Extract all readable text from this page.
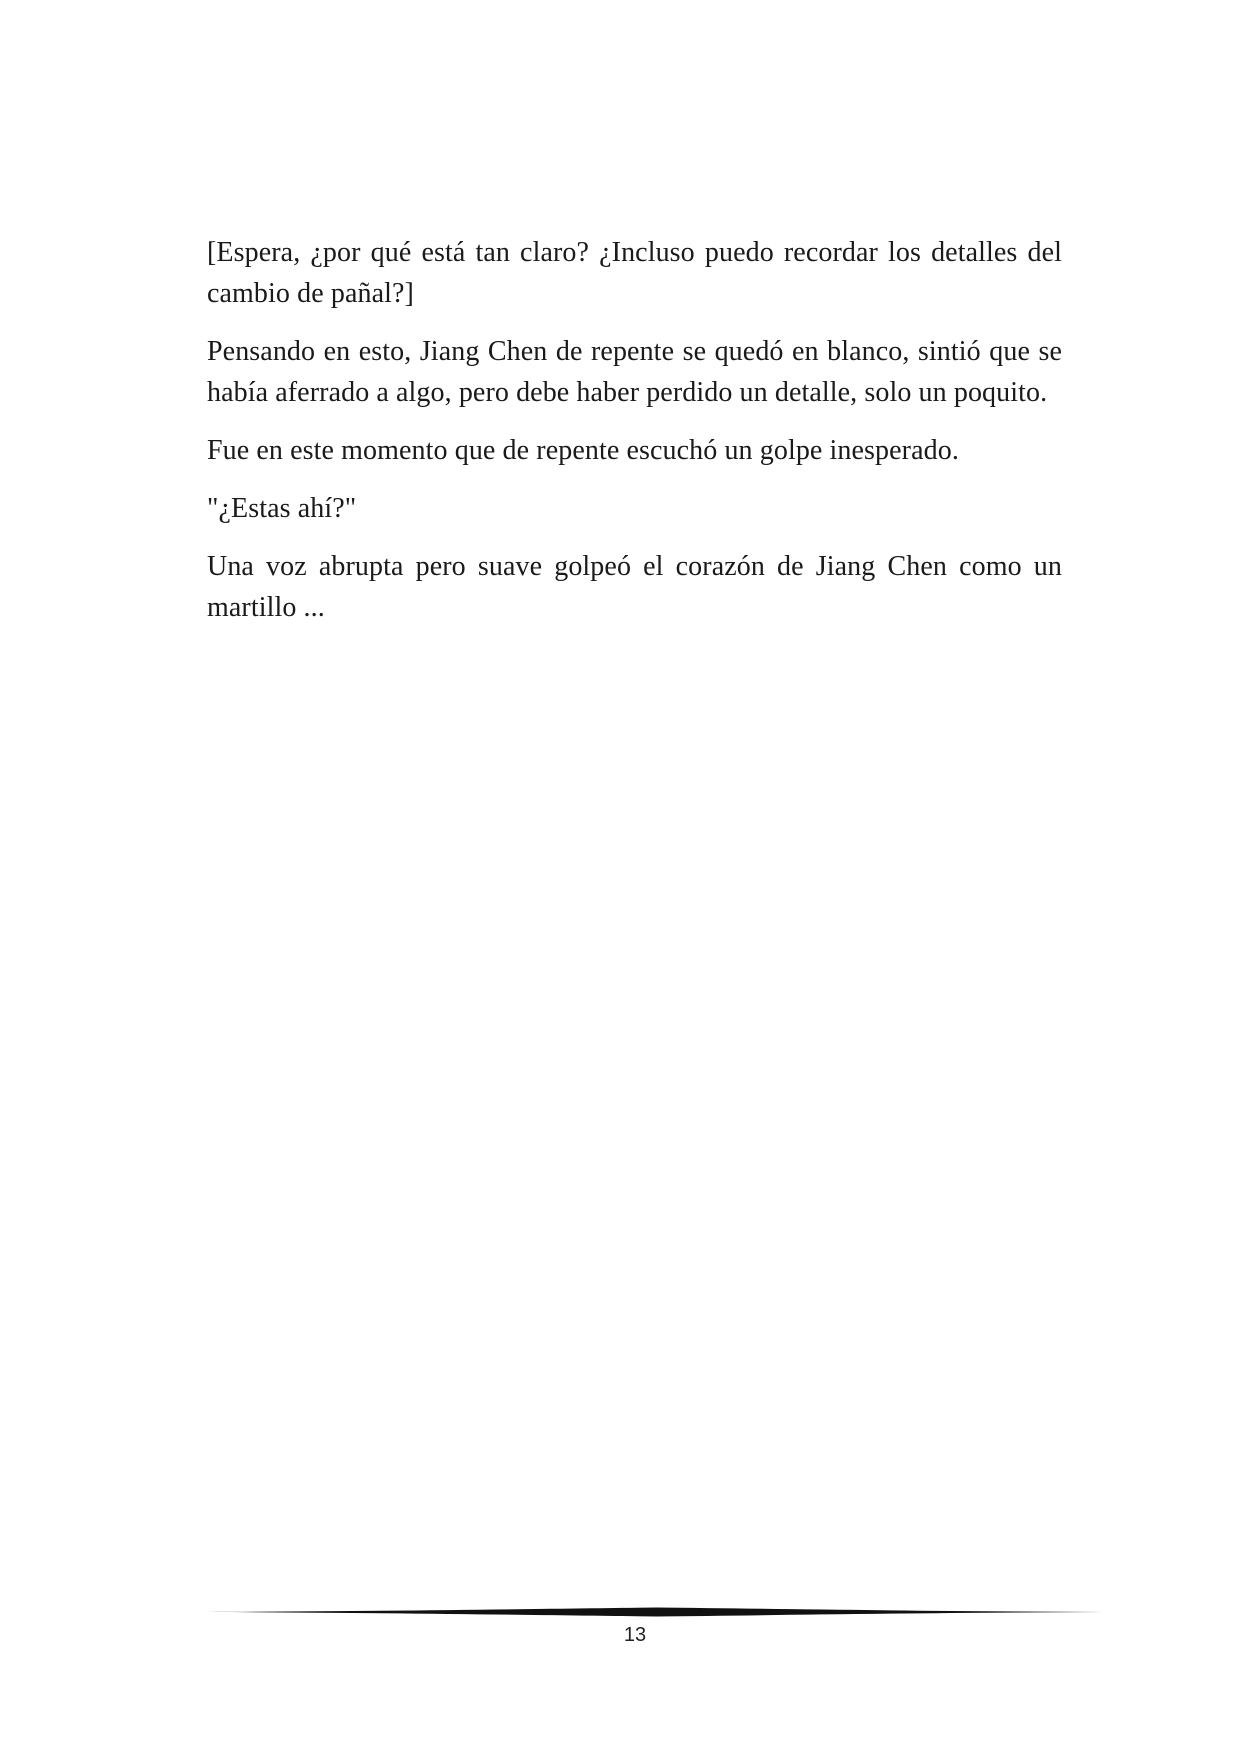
[Espera, ¿por qué está tan claro? ¿Incluso puedo recordar los detalles del cambio de pañal?]

Pensando en esto, Jiang Chen de repente se quedó en blanco, sintió que se había aferrado a algo, pero debe haber perdido un detalle, solo un poquito.

Fue en este momento que de repente escuchó un golpe inesperado.

"¿Estas ahí?"

Una voz abrupta pero suave golpeó el corazón de Jiang Chen como un martillo ...

13
